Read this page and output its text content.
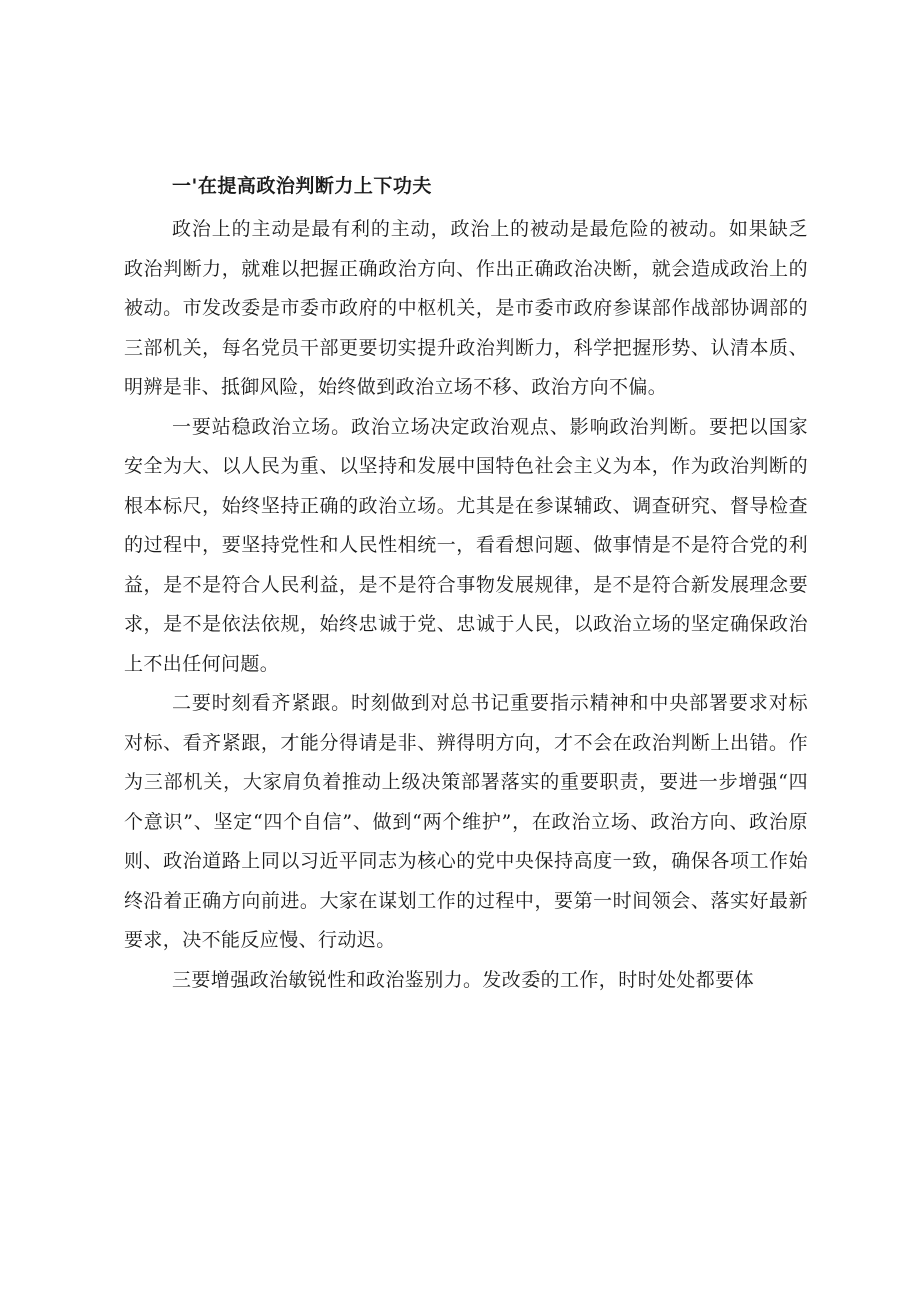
一'在提高政治判断力上下功夫

政治上的主动是最有利的主动，政治上的被动是最危险的被动。如果缺乏政治判断力，就难以把握正确政治方向、作出正确政治决断，就会造成政治上的被动。市发改委是市委市政府的中枢机关，是市委市政府参谋部作战部协调部的三部机关，每名党员干部更要切实提升政治判断力，科学把握形势、认清本质、明辨是非、抵御风险，始终做到政治立场不移、政治方向不偏。

一要站稳政治立场。政治立场决定政治观点、影响政治判断。要把以国家安全为大、以人民为重、以坚持和发展中国特色社会主义为本，作为政治判断的根本标尺，始终坚持正确的政治立场。尤其是在参谋辅政、调查研究、督导检查的过程中，要坚持党性和人民性相统一，看看想问题、做事情是不是符合党的利益，是不是符合人民利益，是不是符合事物发展规律，是不是符合新发展理念要求，是不是依法依规，始终忠诚于党、忠诚于人民，以政治立场的坚定确保政治上不出任何问题。

二要时刻看齐紧跟。时刻做到对总书记重要指示精神和中央部署要求对标对标、看齐紧跟，才能分得请是非、辨得明方向，才不会在政治判断上出错。作为三部机关，大家肩负着推动上级决策部署落实的重要职责，要进一步增强“四个意识”、坚定“四个自信”、做到“两个维护”，在政治立场、政治方向、政治原则、政治道路上同以习近平同志为核心的党中央保持高度一致，确保各项工作始终沿着正确方向前进。大家在谋划工作的过程中，要第一时间领会、落实好最新要求，决不能反应慢、行动迟。

三要增强政治敏锐性和政治鉴别力。发改委的工作，时时处处都要体
